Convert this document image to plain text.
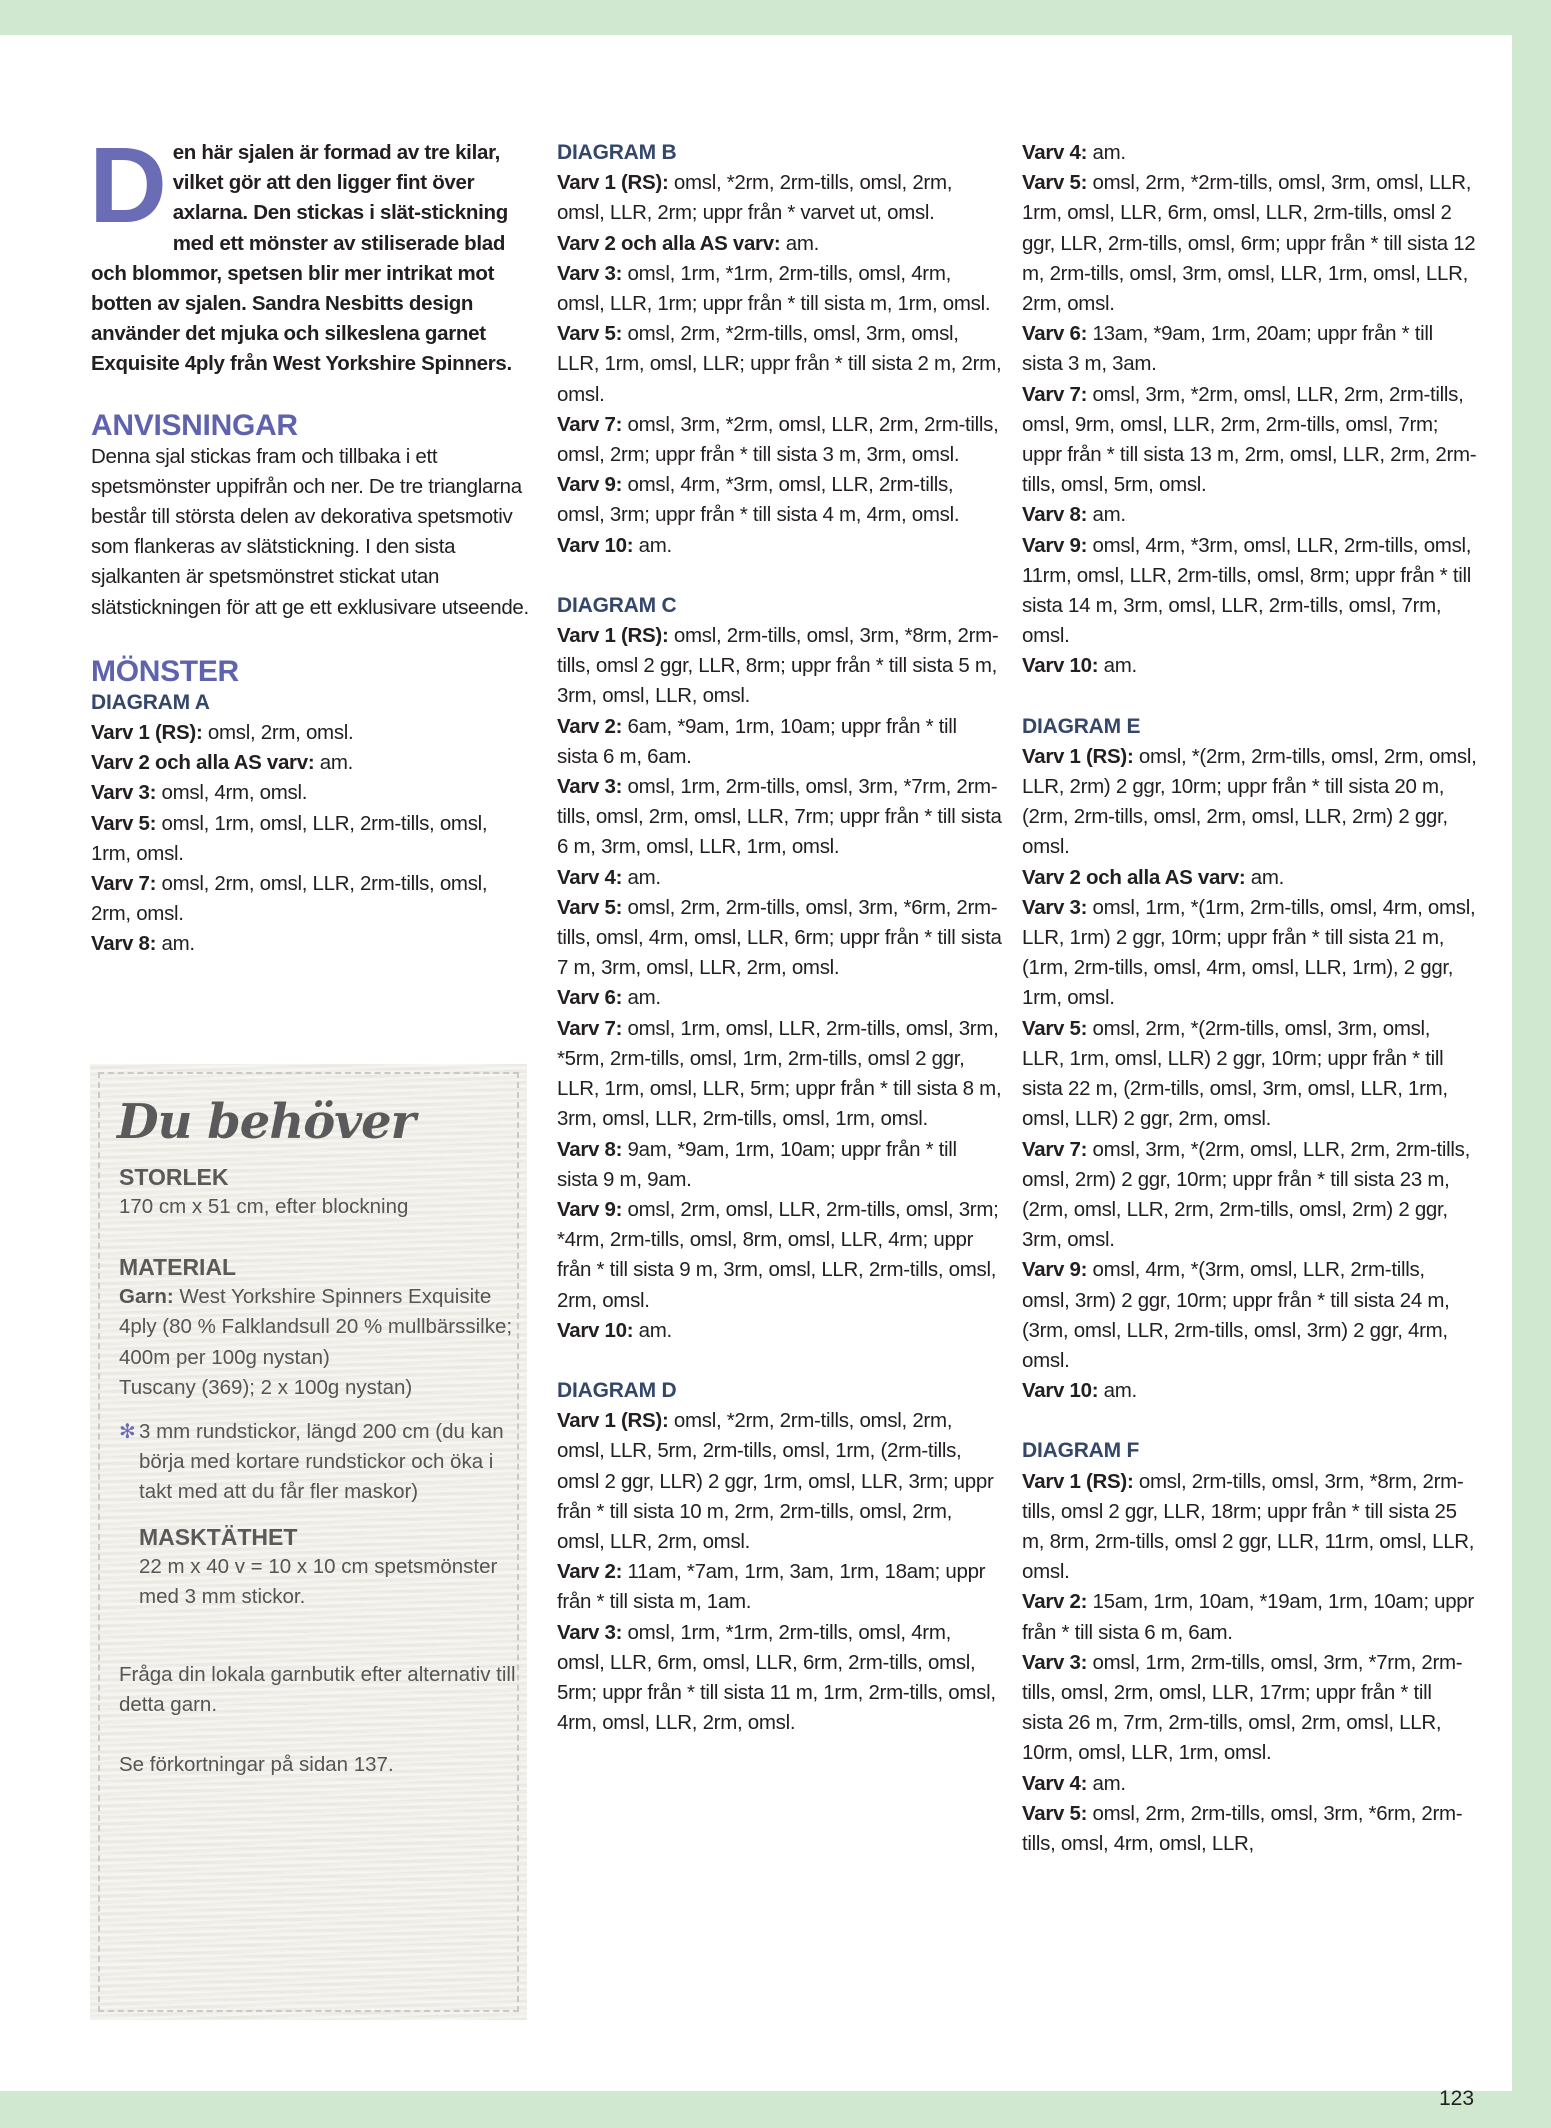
Den här sjalen är formad av tre kilar, vilket gör att den ligger fint över axlarna. Den stickas i slät-stickning med ett mönster av stiliserade blad och blommor, spetsen blir mer intrikat mot botten av sjalen. Sandra Nesbitts design använder det mjuka och silkeslena garnet Exquisite 4ply från West Yorkshire Spinners.

ANVISNINGAR

Denna sjal stickas fram och tillbaka i ett spetsmönster uppifrån och ner. De tre trianglarna består till största delen av dekorativa spetsmotiv som flankeras av slätstickning. I den sista sjalkanten är spetsmönstret stickat utan slätstickningen för att ge ett exklusivare utseende.

MÖNSTER
DIAGRAM A

Varv 1 (RS): omsl, 2rm, omsl.

Varv 2 och alla AS varv: am.

Varv 3: omsl, 4rm, omsl.

Varv 5: omsl, 1rm, omsl, LLR, 2rm-tills, omsl, 1rm, omsl.

Varv 7: omsl, 2rm, omsl, LLR, 2rm-tills, omsl, 2rm, omsl.

Varv 8: am.

Du behöver

STORLEK

170 cm x 51 cm, efter blockning

MATERIAL

Garn: West Yorkshire Spinners Exquisite 4ply (80 % Falklandsull 20 % mullbärssilke; 400m per 100g nystan)

Tuscany (369); 2 x 100g nystan)

✻ 3 mm rundstickor, längd 200 cm (du kan börja med kortare rundstickor och öka i takt med att du får fler maskor)

MASKTÄTHET

22 m x 40 v = 10 x 10 cm spetsmönster med 3 mm stickor.

Fråga din lokala garnbutik efter alternativ till detta garn.

Se förkortningar på sidan 137.

DIAGRAM B

Varv 1 (RS): omsl, *2rm, 2rm-tills, omsl, 2rm, omsl, LLR, 2rm; uppr från * varvet ut, omsl.

Varv 2 och alla AS varv: am.

Varv 3: omsl, 1rm, *1rm, 2rm-tills, omsl, 4rm, omsl, LLR, 1rm; uppr från * till sista m, 1rm, omsl.

Varv 5: omsl, 2rm, *2rm-tills, omsl, 3rm, omsl, LLR, 1rm, omsl, LLR; uppr från * till sista 2 m, 2rm, omsl.

Varv 7: omsl, 3rm, *2rm, omsl, LLR, 2rm, 2rm-tills, omsl, 2rm; uppr från * till sista 3 m, 3rm, omsl.

Varv 9: omsl, 4rm, *3rm, omsl, LLR, 2rm-tills, omsl, 3rm; uppr från * till sista 4 m, 4rm, omsl.

Varv 10: am.

DIAGRAM C

Varv 1 (RS): omsl, 2rm-tills, omsl, 3rm, *8rm, 2rm-tills, omsl 2 ggr, LLR, 8rm; uppr från * till sista 5 m, 3rm, omsl, LLR, omsl.

Varv 2: 6am, *9am, 1rm, 10am; uppr från * till sista 6 m, 6am.

Varv 3: omsl, 1rm, 2rm-tills, omsl, 3rm, *7rm, 2rm-tills, omsl, 2rm, omsl, LLR, 7rm; uppr från * till sista 6 m, 3rm, omsl, LLR, 1rm, omsl.

Varv 4: am.

Varv 5: omsl, 2rm, 2rm-tills, omsl, 3rm, *6rm, 2rm-tills, omsl, 4rm, omsl, LLR, 6rm; uppr från * till sista 7 m, 3rm, omsl, LLR, 2rm, omsl.

Varv 6: am.

Varv 7: omsl, 1rm, omsl, LLR, 2rm-tills, omsl, 3rm, *5rm, 2rm-tills, omsl, 1rm, 2rm-tills, omsl 2 ggr, LLR, 1rm, omsl, LLR, 5rm; uppr från * till sista 8 m, 3rm, omsl, LLR, 2rm-tills, omsl, 1rm, omsl.

Varv 8: 9am, *9am, 1rm, 10am; uppr från * till sista 9 m, 9am.

Varv 9: omsl, 2rm, omsl, LLR, 2rm-tills, omsl, 3rm; *4rm, 2rm-tills, omsl, 8rm, omsl, LLR, 4rm; uppr från * till sista 9 m, 3rm, omsl, LLR, 2rm-tills, omsl, 2rm, omsl.

Varv 10: am.

DIAGRAM D

Varv 1 (RS): omsl, *2rm, 2rm-tills, omsl, 2rm, omsl, LLR, 5rm, 2rm-tills, omsl, 1rm, (2rm-tills, omsl 2 ggr, LLR) 2 ggr, 1rm, omsl, LLR, 3rm; uppr från * till sista 10 m, 2rm, 2rm-tills, omsl, 2rm, omsl, LLR, 2rm, omsl.

Varv 2: 11am, *7am, 1rm, 3am, 1rm, 18am; uppr från * till sista m, 1am.

Varv 3: omsl, 1rm, *1rm, 2rm-tills, omsl, 4rm, omsl, LLR, 6rm, omsl, LLR, 6rm, 2rm-tills, omsl, 5rm; uppr från * till sista 11 m, 1rm, 2rm-tills, omsl, 4rm, omsl, LLR, 2rm, omsl.

Varv 4: am.

Varv 5: omsl, 2rm, *2rm-tills, omsl, 3rm, omsl, LLR, 1rm, omsl, LLR, 6rm, omsl, LLR, 2rm-tills, omsl 2 ggr, LLR, 2rm-tills, omsl, 6rm; uppr från * till sista 12 m, 2rm-tills, omsl, 3rm, omsl, LLR, 1rm, omsl, LLR, 2rm, omsl.

Varv 6: 13am, *9am, 1rm, 20am; uppr från * till sista 3 m, 3am.

Varv 7: omsl, 3rm, *2rm, omsl, LLR, 2rm, 2rm-tills, omsl, 9rm, omsl, LLR, 2rm, 2rm-tills, omsl, 7rm; uppr från * till sista 13 m, 2rm, omsl, LLR, 2rm, 2rm-tills, omsl, 5rm, omsl.

Varv 8: am.

Varv 9: omsl, 4rm, *3rm, omsl, LLR, 2rm-tills, omsl, 11rm, omsl, LLR, 2rm-tills, omsl, 8rm; uppr från * till sista 14 m, 3rm, omsl, LLR, 2rm-tills, omsl, 7rm, omsl.

Varv 10: am.

DIAGRAM E

Varv 1 (RS): omsl, *(2rm, 2rm-tills, omsl, 2rm, omsl, LLR, 2rm) 2 ggr, 10rm; uppr från * till sista 20 m, (2rm, 2rm-tills, omsl, 2rm, omsl, LLR, 2rm) 2 ggr, omsl.

Varv 2 och alla AS varv: am.

Varv 3: omsl, 1rm, *(1rm, 2rm-tills, omsl, 4rm, omsl, LLR, 1rm) 2 ggr, 10rm; uppr från * till sista 21 m, (1rm, 2rm-tills, omsl, 4rm, omsl, LLR, 1rm), 2 ggr, 1rm, omsl.

Varv 5: omsl, 2rm, *(2rm-tills, omsl, 3rm, omsl, LLR, 1rm, omsl, LLR) 2 ggr, 10rm; uppr från * till sista 22 m, (2rm-tills, omsl, 3rm, omsl, LLR, 1rm, omsl, LLR) 2 ggr, 2rm, omsl.

Varv 7: omsl, 3rm, *(2rm, omsl, LLR, 2rm, 2rm-tills, omsl, 2rm) 2 ggr, 10rm; uppr från * till sista 23 m, (2rm, omsl, LLR, 2rm, 2rm-tills, omsl, 2rm) 2 ggr, 3rm, omsl.

Varv 9: omsl, 4rm, *(3rm, omsl, LLR, 2rm-tills, omsl, 3rm) 2 ggr, 10rm; uppr från * till sista 24 m, (3rm, omsl, LLR, 2rm-tills, omsl, 3rm) 2 ggr, 4rm, omsl.

Varv 10: am.

DIAGRAM F

Varv 1 (RS): omsl, 2rm-tills, omsl, 3rm, *8rm, 2rm-tills, omsl 2 ggr, LLR, 18rm; uppr från * till sista 25 m, 8rm, 2rm-tills, omsl 2 ggr, LLR, 11rm, omsl, LLR, omsl.

Varv 2: 15am, 1rm, 10am, *19am, 1rm, 10am; uppr från * till sista 6 m, 6am.

Varv 3: omsl, 1rm, 2rm-tills, omsl, 3rm, *7rm, 2rm-tills, omsl, 2rm, omsl, LLR, 17rm; uppr från * till sista 26 m, 7rm, 2rm-tills, omsl, 2rm, omsl, LLR, 10rm, omsl, LLR, 1rm, omsl.

Varv 4: am.

Varv 5: omsl, 2rm, 2rm-tills, omsl, 3rm, *6rm, 2rm-tills, omsl, 4rm, omsl, LLR,

123
